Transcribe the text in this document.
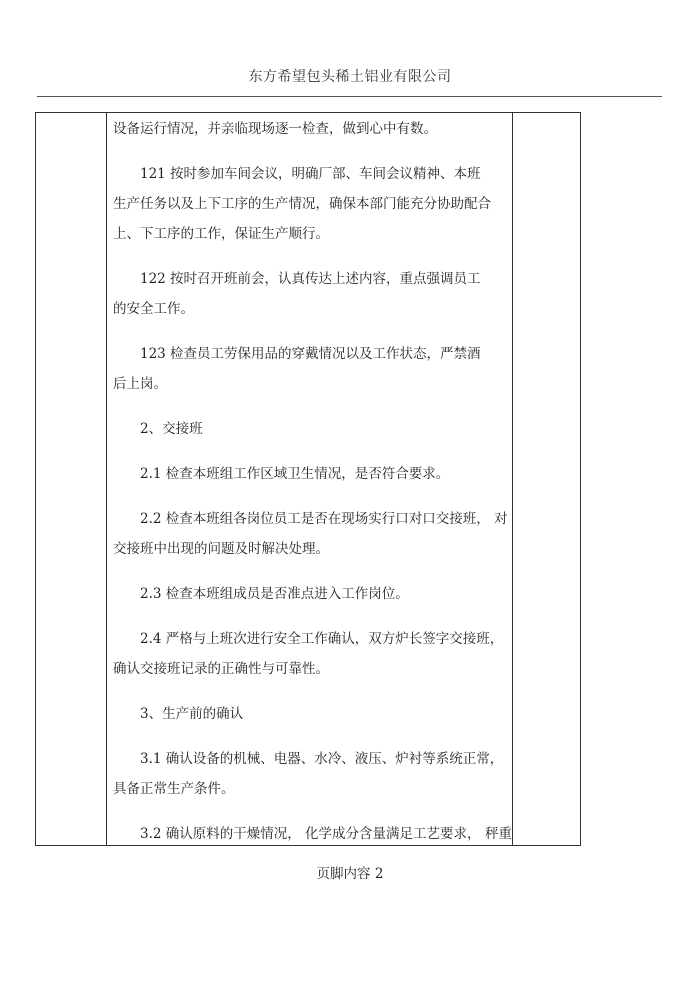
东方希望包头稀土铝业有限公司
设备运行情况，并亲临现场逐一检查，做到心中有数。
121 按时参加车间会议，明确厂部、车间会议精神、本班
生产任务以及上下工序的生产情况，确保本部门能充分协助配合
上、下工序的工作，保证生产顺行。
122 按时召开班前会，认真传达上述内容，重点强调员工
的安全工作。
123 检查员工劳保用品的穿戴情况以及工作状态，严禁酒
后上岗。
2、交接班
2.1 检查本班组工作区域卫生情况，是否符合要求。
2.2 检查本班组各岗位员工是否在现场实行口对口交接班， 对
交接班中出现的问题及时解决处理。
2.3 检查本班组成员是否准点进入工作岗位。
2.4 严格与上班次进行安全工作确认，双方炉长签字交接班，
确认交接班记录的正确性与可靠性。
3、生产前的确认
3.1 确认设备的机械、电器、水冷、液压、炉衬等系统正常，
具备正常生产条件。
3.2 确认原料的干燥情况， 化学成分含量满足工艺要求， 秤重
页脚内容 2
